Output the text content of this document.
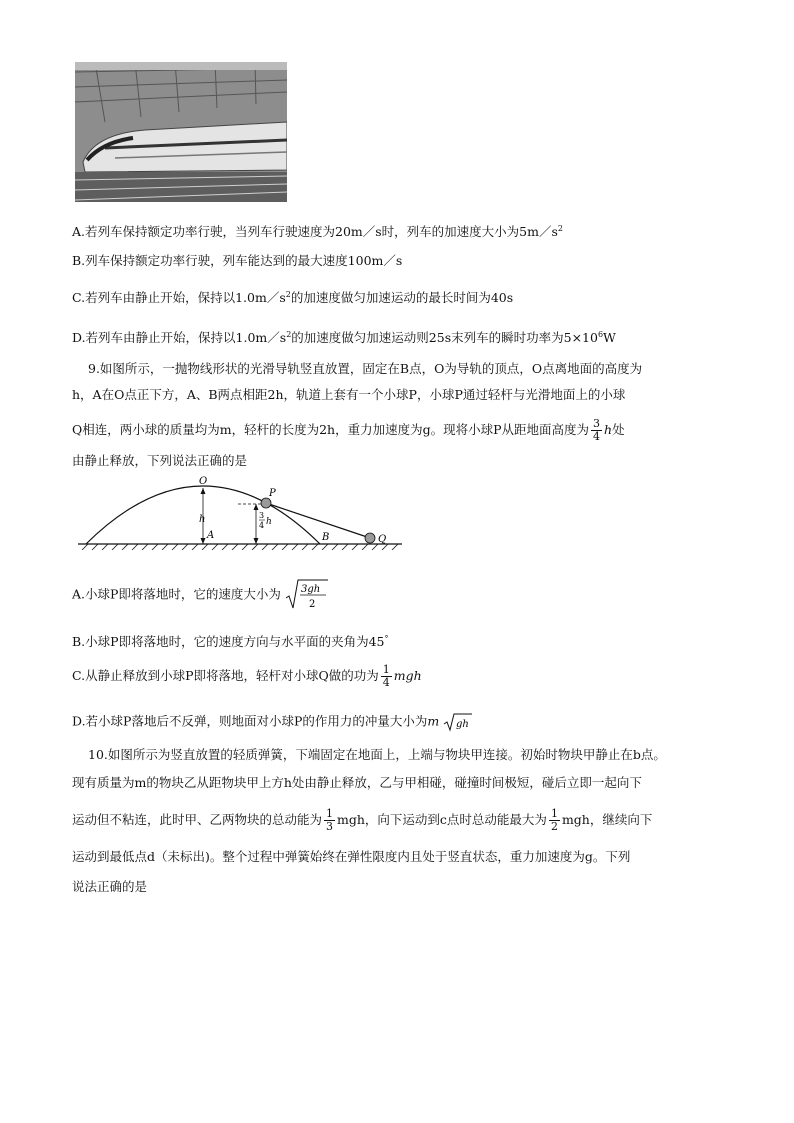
A.若列车保持额定功率行驶，当列车行驶速度为20m／s时，列车的加速度大小为$5m/s^2$
B.列车保持额定功率行驶，列车能达到的最大速度100m／s
C.若列车由静止开始，保持以$1.0m/s^2$的加速度做匀加速运动的最长时间为40s
D.若列车由静止开始，保持以$1.0m/s^2$的加速度做匀加速运动则25s末列车的瞬时功率为$5\times 10^6W$
9.如图所示，一抛物线形状的光滑导轨竖直放置，固定在B点，O为导轨的顶点，O点离地面的高度为
h，A在O点正下方，A、B两点相距2h，轨道上套有一个小球P，小球P通过轻杆与光滑地面上的小球
Q相连，两小球的质量均为m，轻杆的长度为2h，重力加速度为g。现将小球P从距地面高度为 $\frac{3}{4}$ h处
由静止释放，下列说法正确的是
O
P
Q
A	B
h	3
4 h
A.小球P即将落地时，它的速度大小为 3gh
2
B.小球P即将落地时，它的速度方向与水平面的夹角为45°
C.从静止释放到小球P即将落地，轻杆对小球Q做的功为 $\frac{1}{4}$ mgh
D.若小球P落地后不反弹，则地面对小球P的作用力的冲量大小为m gh
10.如图所示为竖直放置的轻质弹簧，下端固定在地面上，上端与物块甲连接。初始时物块甲静止在b点。
现有质量为m的物块乙从距物块甲上方h处由静止释放，乙与甲相碰，碰撞时间极短，碰后立即一起向下
运动但不粘连，此时甲、乙两物块的总动能为 $\frac{1}{3}$ mgh，向下运动到c点时总动能最大为 $\frac{1}{2}$ mgh，继续向下
运动到最低点d（未标出)。整个过程中弹簧始终在弹性限度内且处于竖直状态，重力加速度为g。下列
说法正确的是
